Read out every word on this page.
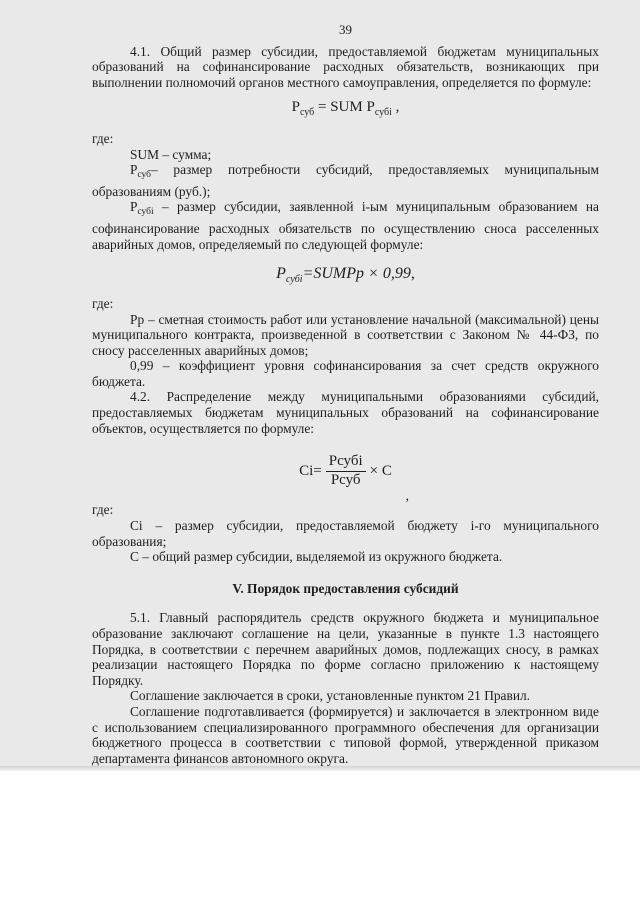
39

4.1. Общий размер субсидии, предоставляемой бюджетам муниципальных образований на софинансирование расходных обязательств, возникающих при выполнении полномочий органов местного самоуправления, определяется по формуле:

$P_{суб}$ = SUM $P_{субi}$ ,

где:

SUM – сумма;

$P_{суб}-$ размер потребности субсидий, предоставляемых муниципальным образованиям (руб.);

$P_{субi}$ – размер субсидии, заявленной i-ым муниципальным образованием на софинансирование расходных обязательств по осуществлению сноса расселенных аварийных домов, определяемый по следующей формуле:

$P_{субi}=SUMPp \times 0,99$,

где:

Pp – сметная стоимость работ или установление начальной (максимальной) цены муниципального контракта, произведенной в соответствии с Законом № 44-ФЗ, по сносу расселенных аварийных домов;

0,99 – коэффициент уровня софинансирования за счет средств окружного бюджета.

4.2. Распределение между муниципальными образованиями субсидий, предоставляемых бюджетам муниципальных образований на софинансирование объектов, осуществляется по формуле:

$Ci= \frac{\text{Pсубi}}{\text{Pсуб}} \times C$
,

где:

Ci – размер субсидии, предоставляемой бюджету i-го муниципального образования;

С – общий размер субсидии, выделяемой из окружного бюджета.

V. Порядок предоставления субсидий

5.1. Главный распорядитель средств окружного бюджета и муниципальное образование заключают соглашение на цели, указанные в пункте 1.3 настоящего Порядка, в соответствии с перечнем аварийных домов, подлежащих сносу, в рамках реализации настоящего Порядка по форме согласно приложению к настоящему Порядку.

Соглашение заключается в сроки, установленные пунктом 21 Правил.

Соглашение подготавливается (формируется) и заключается в электронном виде с использованием специализированного программного обеспечения для организации бюджетного процесса в соответствии с типовой формой, утвержденной приказом департамента финансов автономного округа.
